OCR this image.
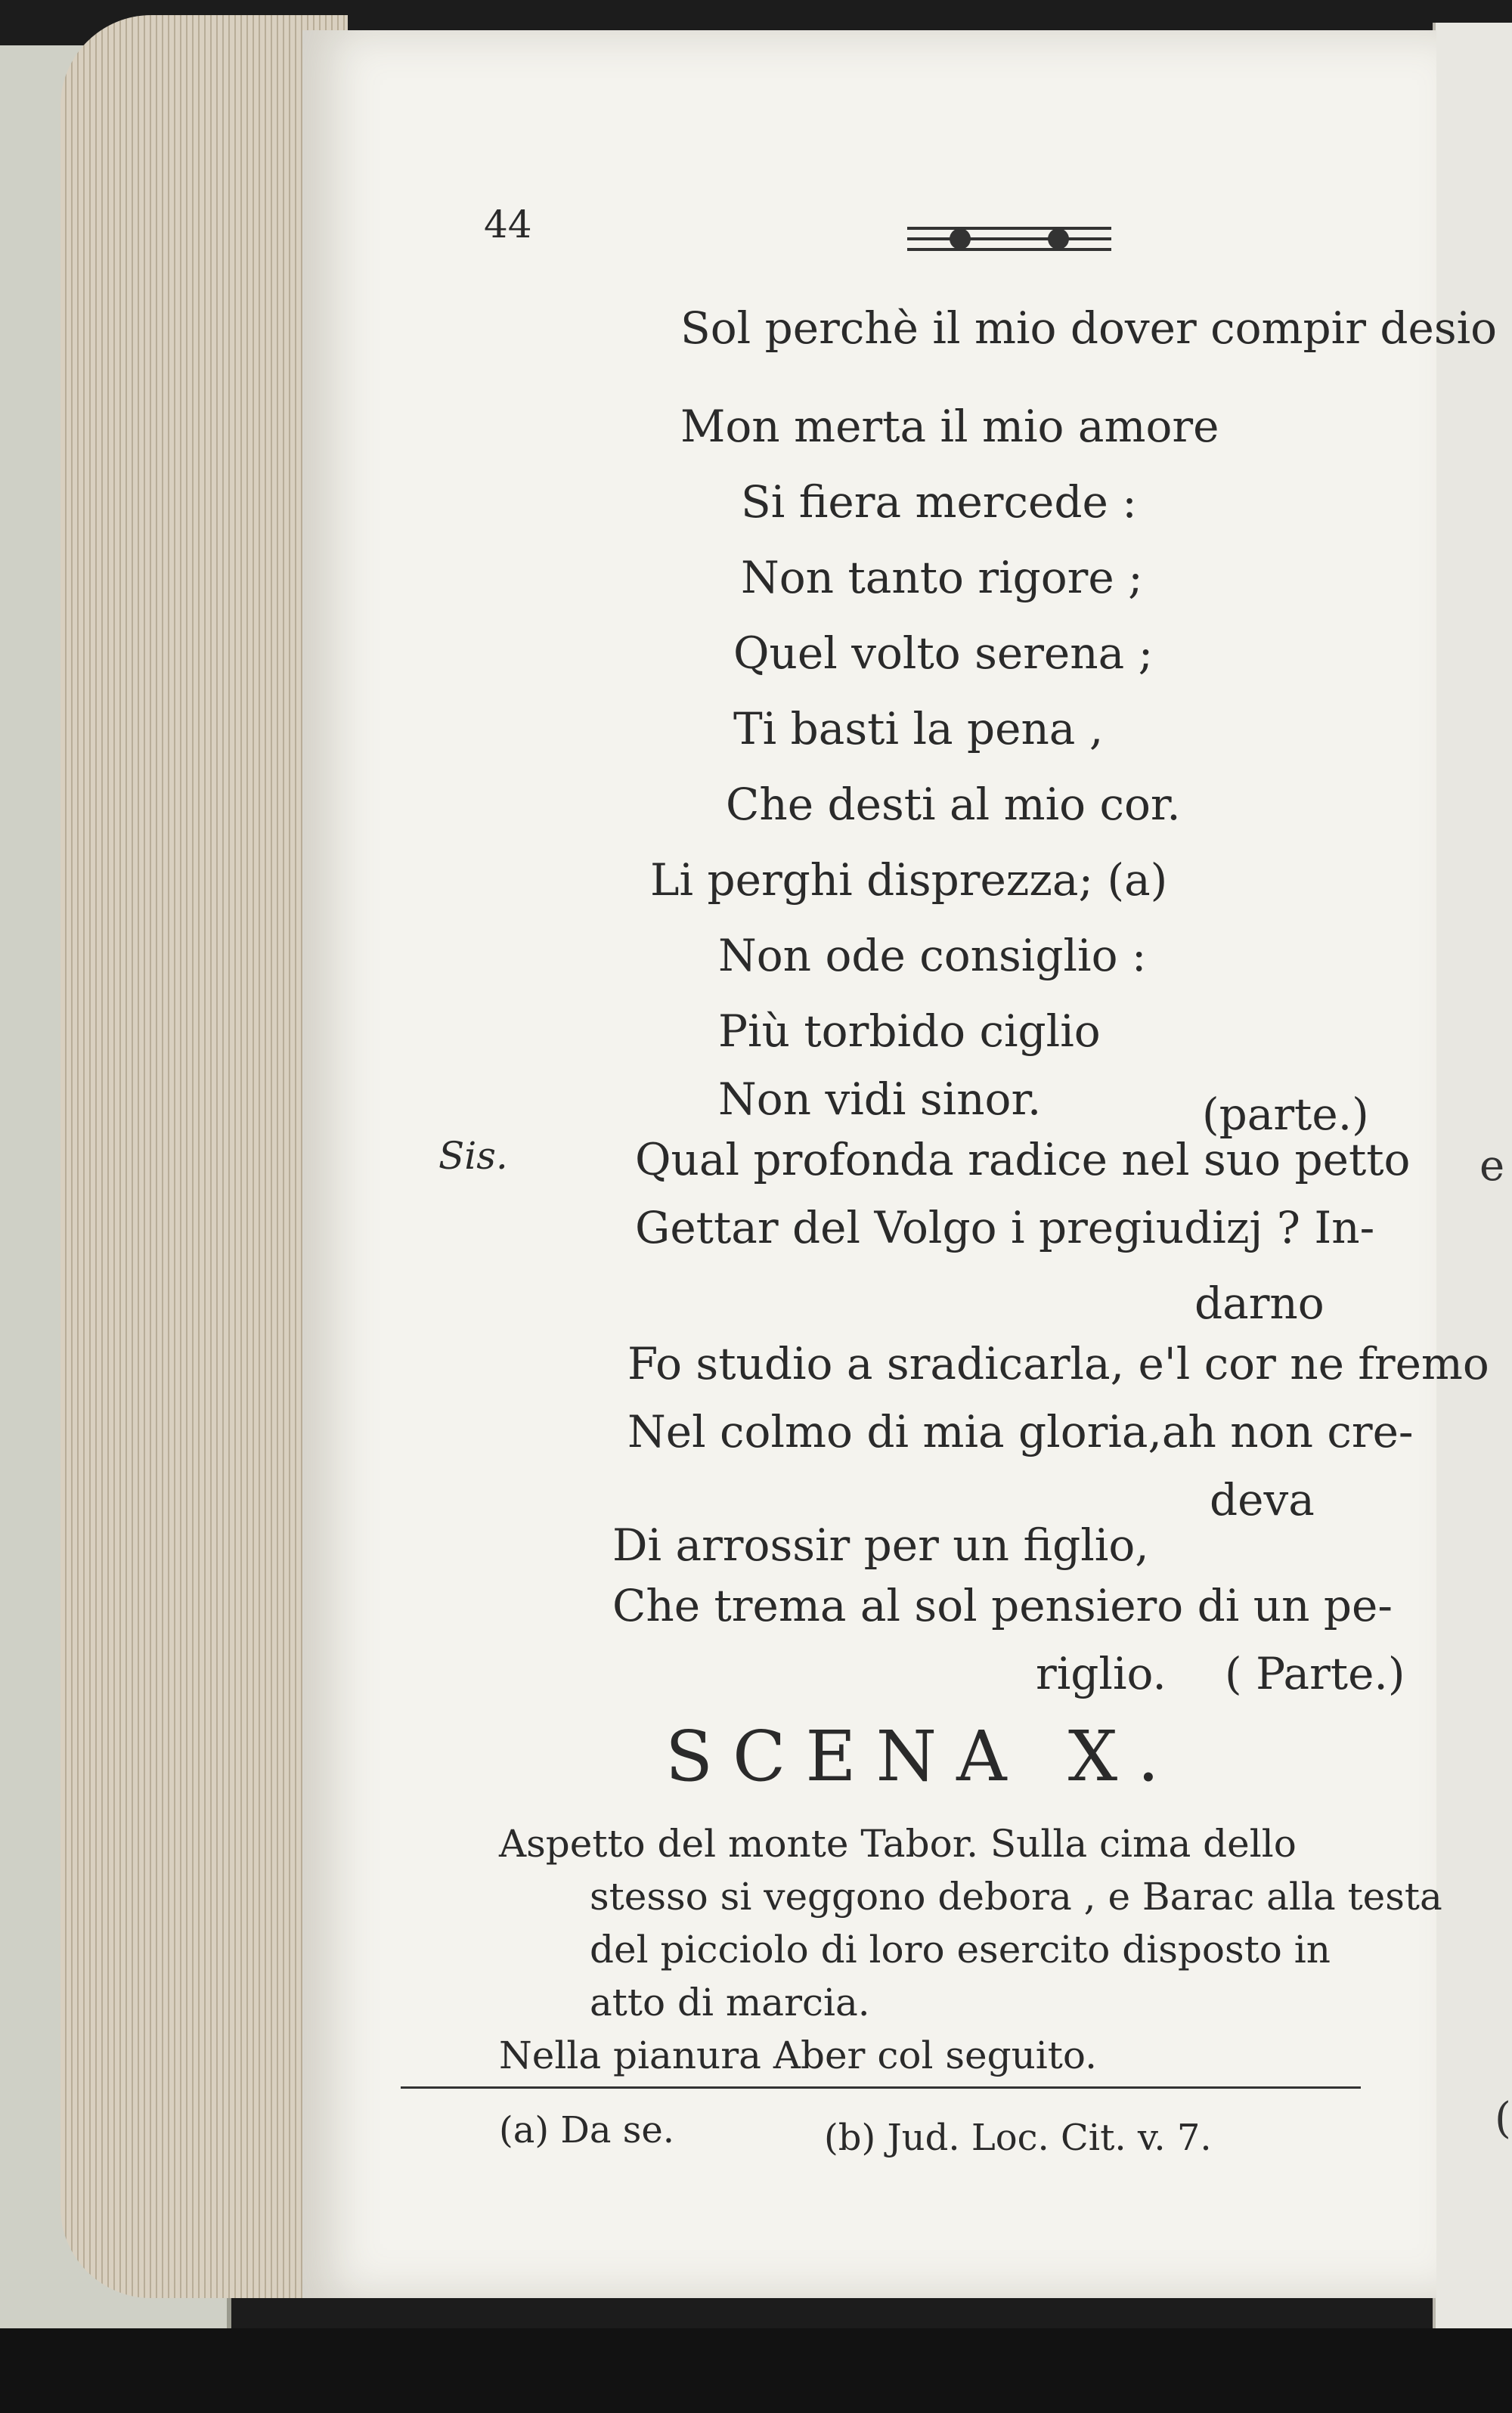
e
(
44
Sol perchè il mio dover compir desio
Mon merta il mio amore
Si fiera mercede :
Non tanto rigore ;
Quel volto serena ;
Ti basti la pena ,
Che desti al mio cor.
Li perghi disprezza; (a)
Non ode consiglio :
Più torbido ciglio
Non vidi sinor.	(parte.)
Sis.	Qual profonda radice nel suo petto
Gettar del Volgo i pregiudizj ? In-
darno
Fo studio a sradicarla, e'l cor ne fremo
Nel colmo di mia gloria,ah non cre-
deva
Di arrossir per un figlio,
Che trema al sol pensiero di un pe-
riglio. ( Parte.)
SCENA X.
Aspetto del monte Tabor. Sulla cima dello
stesso si veggono debora , e Barac alla testa
del picciolo di loro esercito disposto in
atto di marcia.
Nella pianura Aber col seguito.
(a) Da se.	(b) Jud. Loc. Cit. v. 7.
